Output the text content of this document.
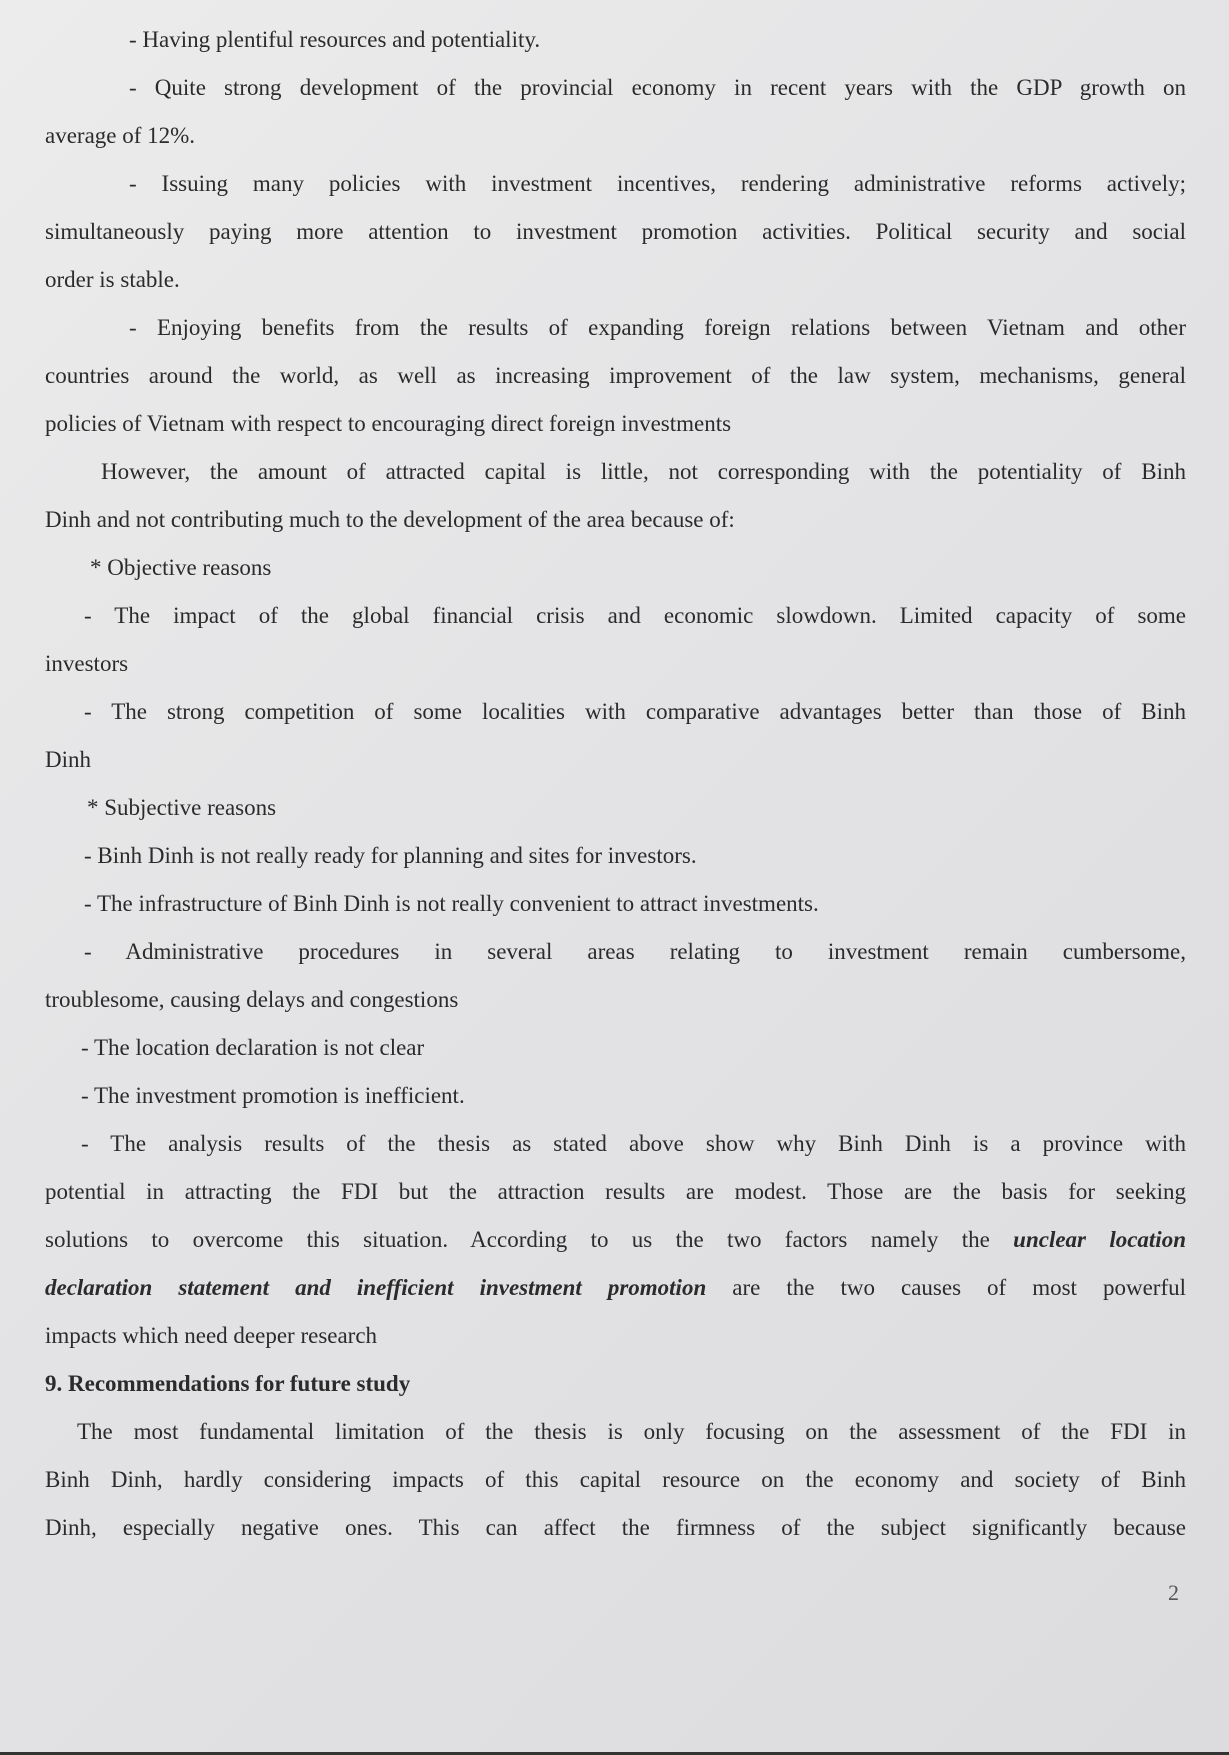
- Having plentiful resources and potentiality.
- Quite strong development of the provincial economy in recent years with the GDP growth on
average of 12%.
- Issuing many policies with investment incentives, rendering administrative reforms actively;
simultaneously paying more attention to investment promotion activities. Political security and social
order is stable.
- Enjoying benefits from the results of expanding foreign relations between Vietnam and other
countries around the world, as well as increasing improvement of the law system, mechanisms, general
policies of Vietnam with respect to encouraging direct foreign investments
However, the amount of attracted capital is little, not corresponding with the potentiality of Binh
Dinh and not contributing much to the development of the area because of:
* Objective reasons
- The impact of the global financial crisis and economic slowdown. Limited capacity of some
investors
- The strong competition of some localities with comparative advantages better than those of Binh
Dinh
* Subjective reasons
- Binh Dinh is not really ready for planning and sites for investors.
- The infrastructure of Binh Dinh is not really convenient to attract investments.
- Administrative procedures in several areas relating to investment remain cumbersome,
troublesome, causing delays and congestions
- The location declaration is not clear
- The investment promotion is inefficient.
- The analysis results of the thesis as stated above show why Binh Dinh is a province with
potential in attracting the FDI but the attraction results are modest. Those are the basis for seeking
solutions to overcome this situation. According to us the two factors namely the unclear location
declaration statement and inefficient investment promotion are the two causes of most powerful
impacts which need deeper research
9. Recommendations for future study
The most fundamental limitation of the thesis is only focusing on the assessment of the FDI in
Binh Dinh, hardly considering impacts of this capital resource on the economy and society of Binh
Dinh, especially negative ones. This can affect the firmness of the subject significantly because
2
